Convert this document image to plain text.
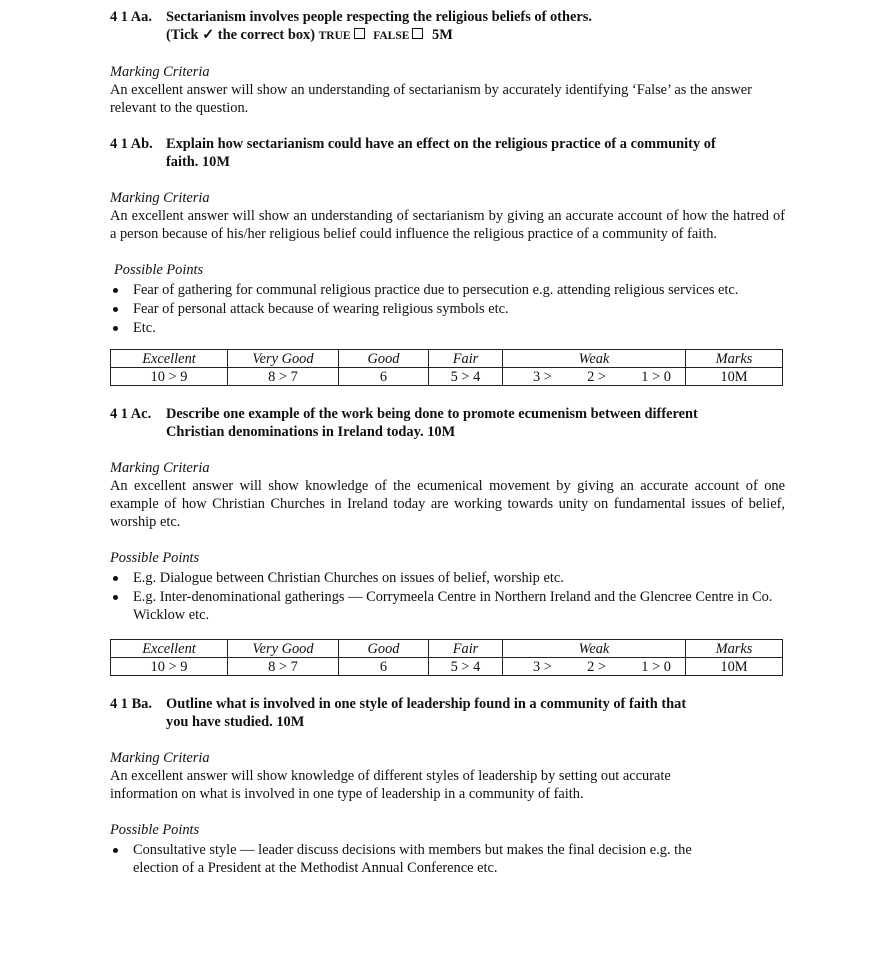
4 1 Aa. Sectarianism involves people respecting the religious beliefs of others.
(Tick ✓ the correct box) TRUE FALSE 5M
Marking Criteria
An excellent answer will show an understanding of sectarianism by accurately identifying ‘False’ as the answer relevant to the question.
4 1 Ab. Explain how sectarianism could have an effect on the religious practice of a community of faith. 10M
Marking Criteria
An excellent answer will show an understanding of sectarianism by giving an accurate account of how the hatred of a person because of his/her religious belief could influence the religious practice of a community of faith.
Possible Points
Fear of gathering for communal religious practice due to persecution e.g. attending religious services etc.
Fear of personal attack because of wearing religious symbols etc.
Etc.
Excellent	Very Good	Good	Fair	Weak	Marks
10 > 9	8 > 7	6	5 > 4	3 > 2 > 1 > 0	10M
4 1 Ac.	Describe one example of the work being done to promote ecumenism between different Christian denominations in Ireland today. 10M
Marking Criteria
An excellent answer will show knowledge of the ecumenical movement by giving an accurate account of one example of how Christian Churches in Ireland today are working towards unity on fundamental issues of belief, worship etc.
Possible Points
E.g. Dialogue between Christian Churches on issues of belief, worship etc.
E.g. Inter-denominational gatherings — Corrymeela Centre in Northern Ireland and the Glencree Centre in Co. Wicklow etc.
Excellent	Very Good	Good	Fair	Weak	Marks
10 > 9	8 > 7	6	5 > 4	3 > 2 > 1 > 0	10M
4 1 Ba. Outline what is involved in one style of leadership found in a community of faith that you have studied. 10M
Marking Criteria
An excellent answer will show knowledge of different styles of leadership by setting out accurate information on what is involved in one type of leadership in a community of faith.
Possible Points
Consultative style — leader discuss decisions with members but makes the final decision e.g. the election of a President at the Methodist Annual Conference etc.
